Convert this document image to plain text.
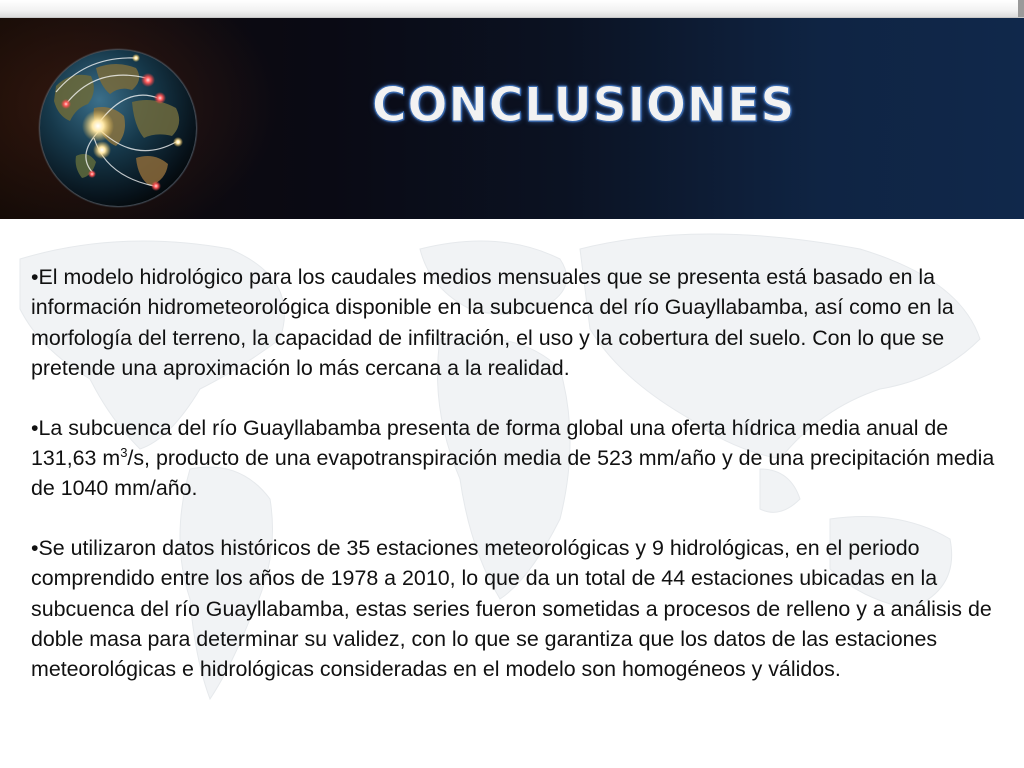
CONCLUSIONES

•El modelo hidrológico para los caudales medios mensuales que se presenta está basado en la información hidrometeorológica disponible en la subcuenca del río Guayllabamba, así como en la morfología del terreno, la capacidad de infiltración, el uso y la cobertura del suelo. Con lo que se pretende una aproximación lo más cercana a la realidad.

•La subcuenca del río Guayllabamba presenta de forma global una oferta hídrica media anual de 131,63 $m^3/s$, producto de una evapotranspiración media de 523 mm/año y de una precipitación media de 1040 mm/año.

•Se utilizaron datos históricos de 35 estaciones meteorológicas y 9 hidrológicas, en el periodo comprendido entre los años de 1978 a 2010, lo que da un total de 44 estaciones ubicadas en la subcuenca del río Guayllabamba, estas series fueron sometidas a procesos de relleno y a análisis de doble masa para determinar su validez, con lo que se garantiza que los datos de las estaciones meteorológicas e hidrológicas consideradas en el modelo son homogéneos y válidos.
